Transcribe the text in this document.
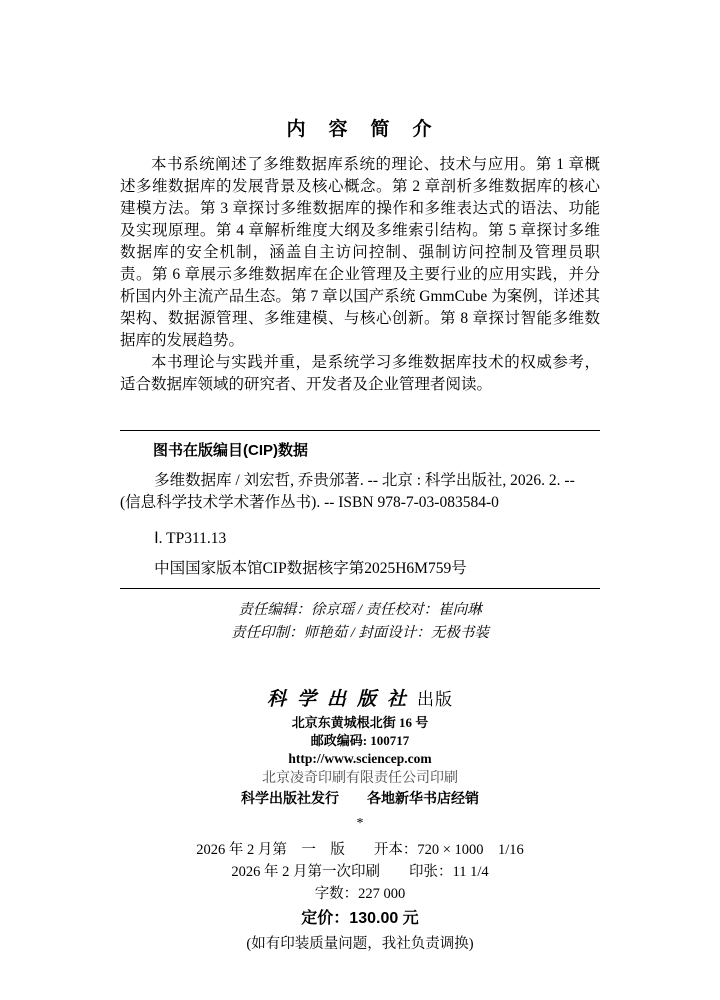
内　容　简　介

本书系统阐述了多维数据库系统的理论、技术与应用。第 1 章概述多维数据库的发展背景及核心概念。第 2 章剖析多维数据库的核心建模方法。第 3 章探讨多维数据库的操作和多维表达式的语法、功能及实现原理。第 4 章解析维度大纲及多维索引结构。第 5 章探讨多维数据库的安全机制，涵盖自主访问控制、强制访问控制及管理员职责。第 6 章展示多维数据库在企业管理及主要行业的应用实践，并分析国内外主流产品生态。第 7 章以国产系统 GmmCube 为案例，详述其架构、数据源管理、多维建模、与核心创新。第 8 章探讨智能多维数据库的发展趋势。

本书理论与实践并重，是系统学习多维数据库技术的权威参考，适合数据库领域的研究者、开发者及企业管理者阅读。

图书在版编目(CIP)数据

多维数据库 / 刘宏哲, 乔贵邠著. -- 北京 : 科学出版社, 2026. 2. --
(信息科学技术学术著作丛书). -- ISBN 978-7-03-083584-0

Ⅰ. TP311.13

中国国家版本馆CIP数据核字第2025H6M759号

责任编辑：徐京瑶 / 责任校对：崔向琳

责任印制：师艳茹 / 封面设计：无极书装

科学出版社出版
北京东黄城根北街 16 号
邮政编码: 100717
http://www.sciencep.com
北京凌奇印刷有限责任公司印刷
科学出版社发行　　各地新华书店经销
*
2026 年 2 月第　一　版　　开本：720 × 1000　1/16
2026 年 2 月第一次印刷　　印张：11 1/4
字数：227 000
定价：130.00 元
(如有印装质量问题，我社负责调换)
